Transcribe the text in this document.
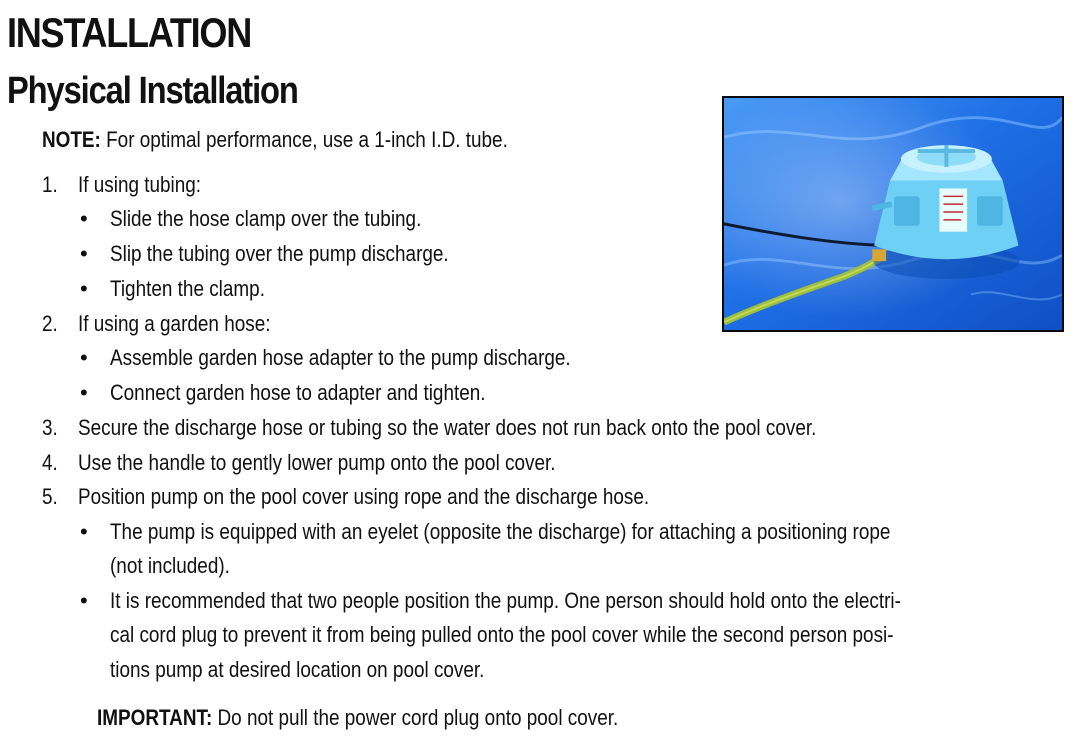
INSTALLATION
Physical Installation
NOTE: For optimal performance, use a 1-inch I.D. tube.
1. If using tubing:
• Slide the hose clamp over the tubing.
• Slip the tubing over the pump discharge.
• Tighten the clamp.
2. If using a garden hose:
• Assemble garden hose adapter to the pump discharge.
• Connect garden hose to adapter and tighten.
3. Secure the discharge hose or tubing so the water does not run back onto the pool cover.
4. Use the handle to gently lower pump onto the pool cover.
5. Position pump on the pool cover using rope and the discharge hose.
• The pump is equipped with an eyelet (opposite the discharge) for attaching a positioning rope
(not included).
• It is recommended that two people position the pump. One person should hold onto the electri-
cal cord plug to prevent it from being pulled onto the pool cover while the second person posi-
tions pump at desired location on pool cover.
IMPORTANT: Do not pull the power cord plug onto pool cover.
